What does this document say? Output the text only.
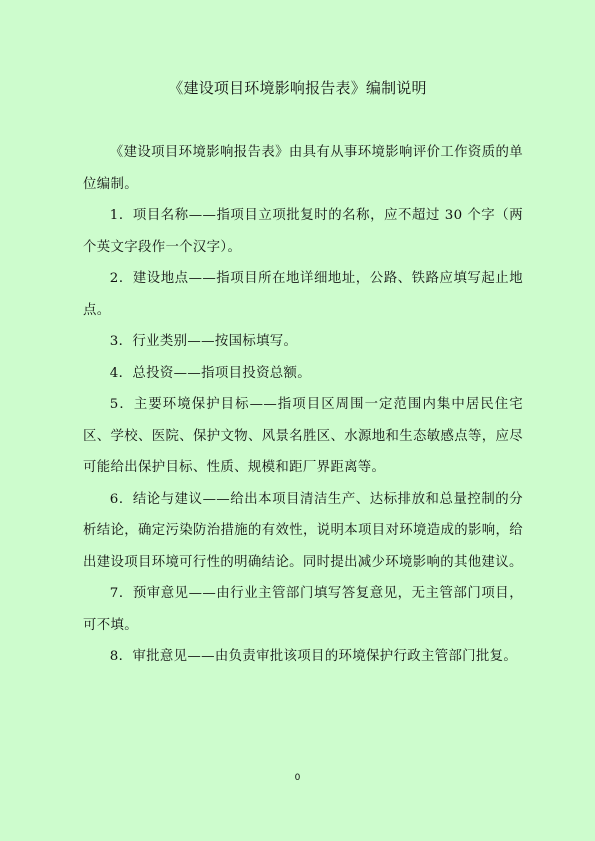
《建设项目环境影响报告表》编制说明

《建设项目环境影响报告表》由具有从事环境影响评价工作资质的单位编制。

1．项目名称——指项目立项批复时的名称，应不超过 30 个字（两个英文字段作一个汉字）。

2．建设地点——指项目所在地详细地址，公路、铁路应填写起止地点。

3．行业类别——按国标填写。

4．总投资——指项目投资总额。

5．主要环境保护目标——指项目区周围一定范围内集中居民住宅区、学校、医院、保护文物、风景名胜区、水源地和生态敏感点等，应尽可能给出保护目标、性质、规模和距厂界距离等。

6．结论与建议——给出本项目清洁生产、达标排放和总量控制的分析结论，确定污染防治措施的有效性，说明本项目对环境造成的影响，给出建设项目环境可行性的明确结论。同时提出减少环境影响的其他建议。

7．预审意见——由行业主管部门填写答复意见，无主管部门项目，可不填。

8．审批意见——由负责审批该项目的环境保护行政主管部门批复。

0
